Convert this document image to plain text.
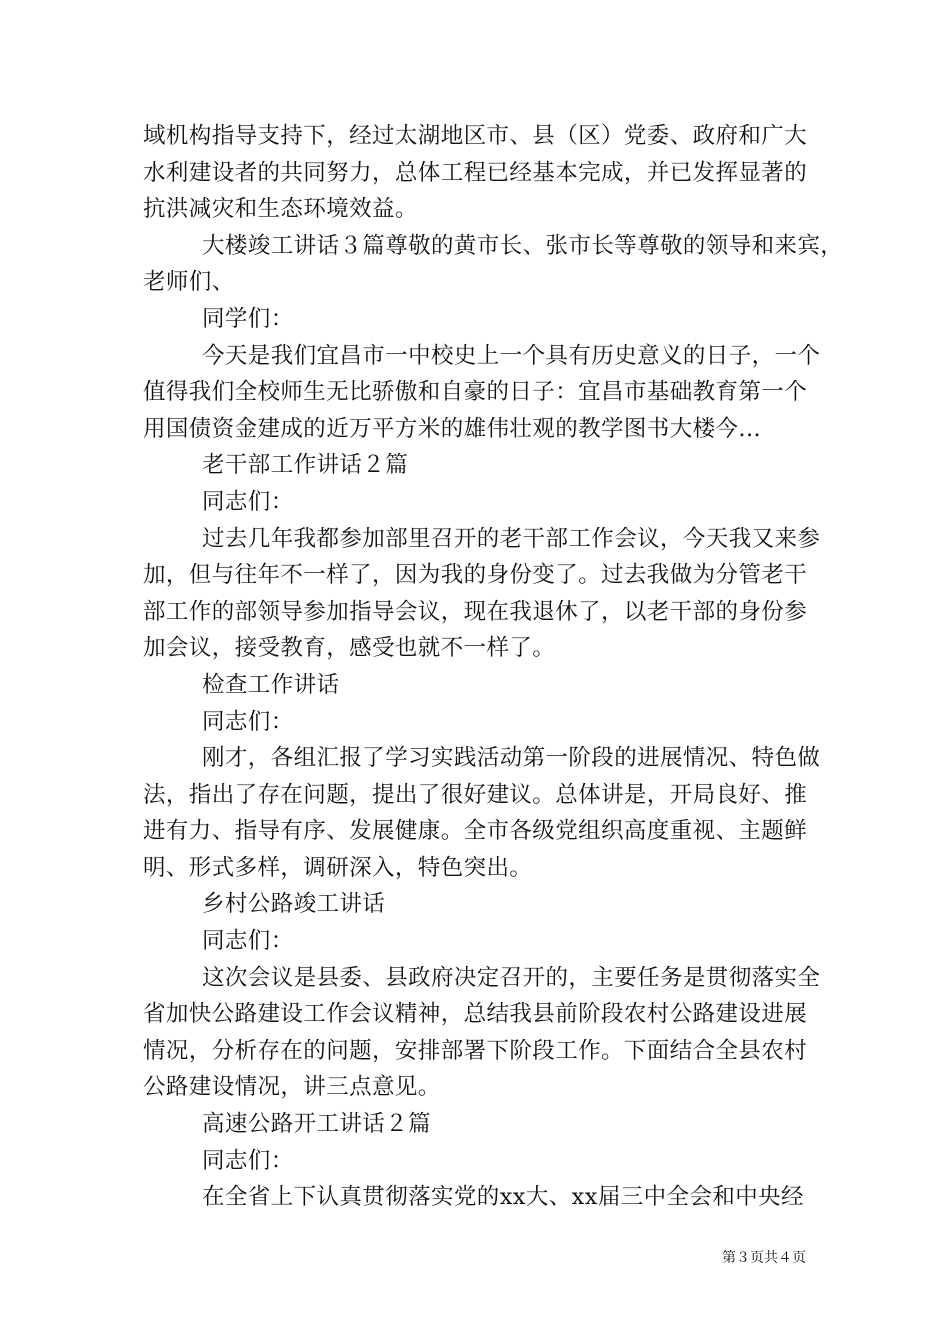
域机构指导支持下，经过太湖地区市、县（区）党委、政府和广大
水利建设者的共同努力，总体工程已经基本完成，并已发挥显著的
抗洪减灾和生态环境效益。
大楼竣工讲话３篇尊敬的黄市长、张市长等尊敬的领导和来宾，
老师们、
同学们：
今天是我们宜昌市一中校史上一个具有历史意义的日子，一个
值得我们全校师生无比骄傲和自豪的日子：宜昌市基础教育第一个
用国债资金建成的近万平方米的雄伟壮观的教学图书大楼今...
老干部工作讲话２篇
同志们：
过去几年我都参加部里召开的老干部工作会议，今天我又来参
加，但与往年不一样了，因为我的身份变了。过去我做为分管老干
部工作的部领导参加指导会议，现在我退休了，以老干部的身份参
加会议，接受教育，感受也就不一样了。
检查工作讲话
同志们：
刚才，各组汇报了学习实践活动第一阶段的进展情况、特色做
法，指出了存在问题，提出了很好建议。总体讲是，开局良好、推
进有力、指导有序、发展健康。全市各级党组织高度重视、主题鲜
明、形式多样，调研深入，特色突出。
乡村公路竣工讲话
同志们：
这次会议是县委、县政府决定召开的，主要任务是贯彻落实全
省加快公路建设工作会议精神，总结我县前阶段农村公路建设进展
情况，分析存在的问题，安排部署下阶段工作。下面结合全县农村
公路建设情况，讲三点意见。
高速公路开工讲话２篇
同志们：
在全省上下认真贯彻落实党的xx大、xx届三中全会和中央经
第３页共４页
